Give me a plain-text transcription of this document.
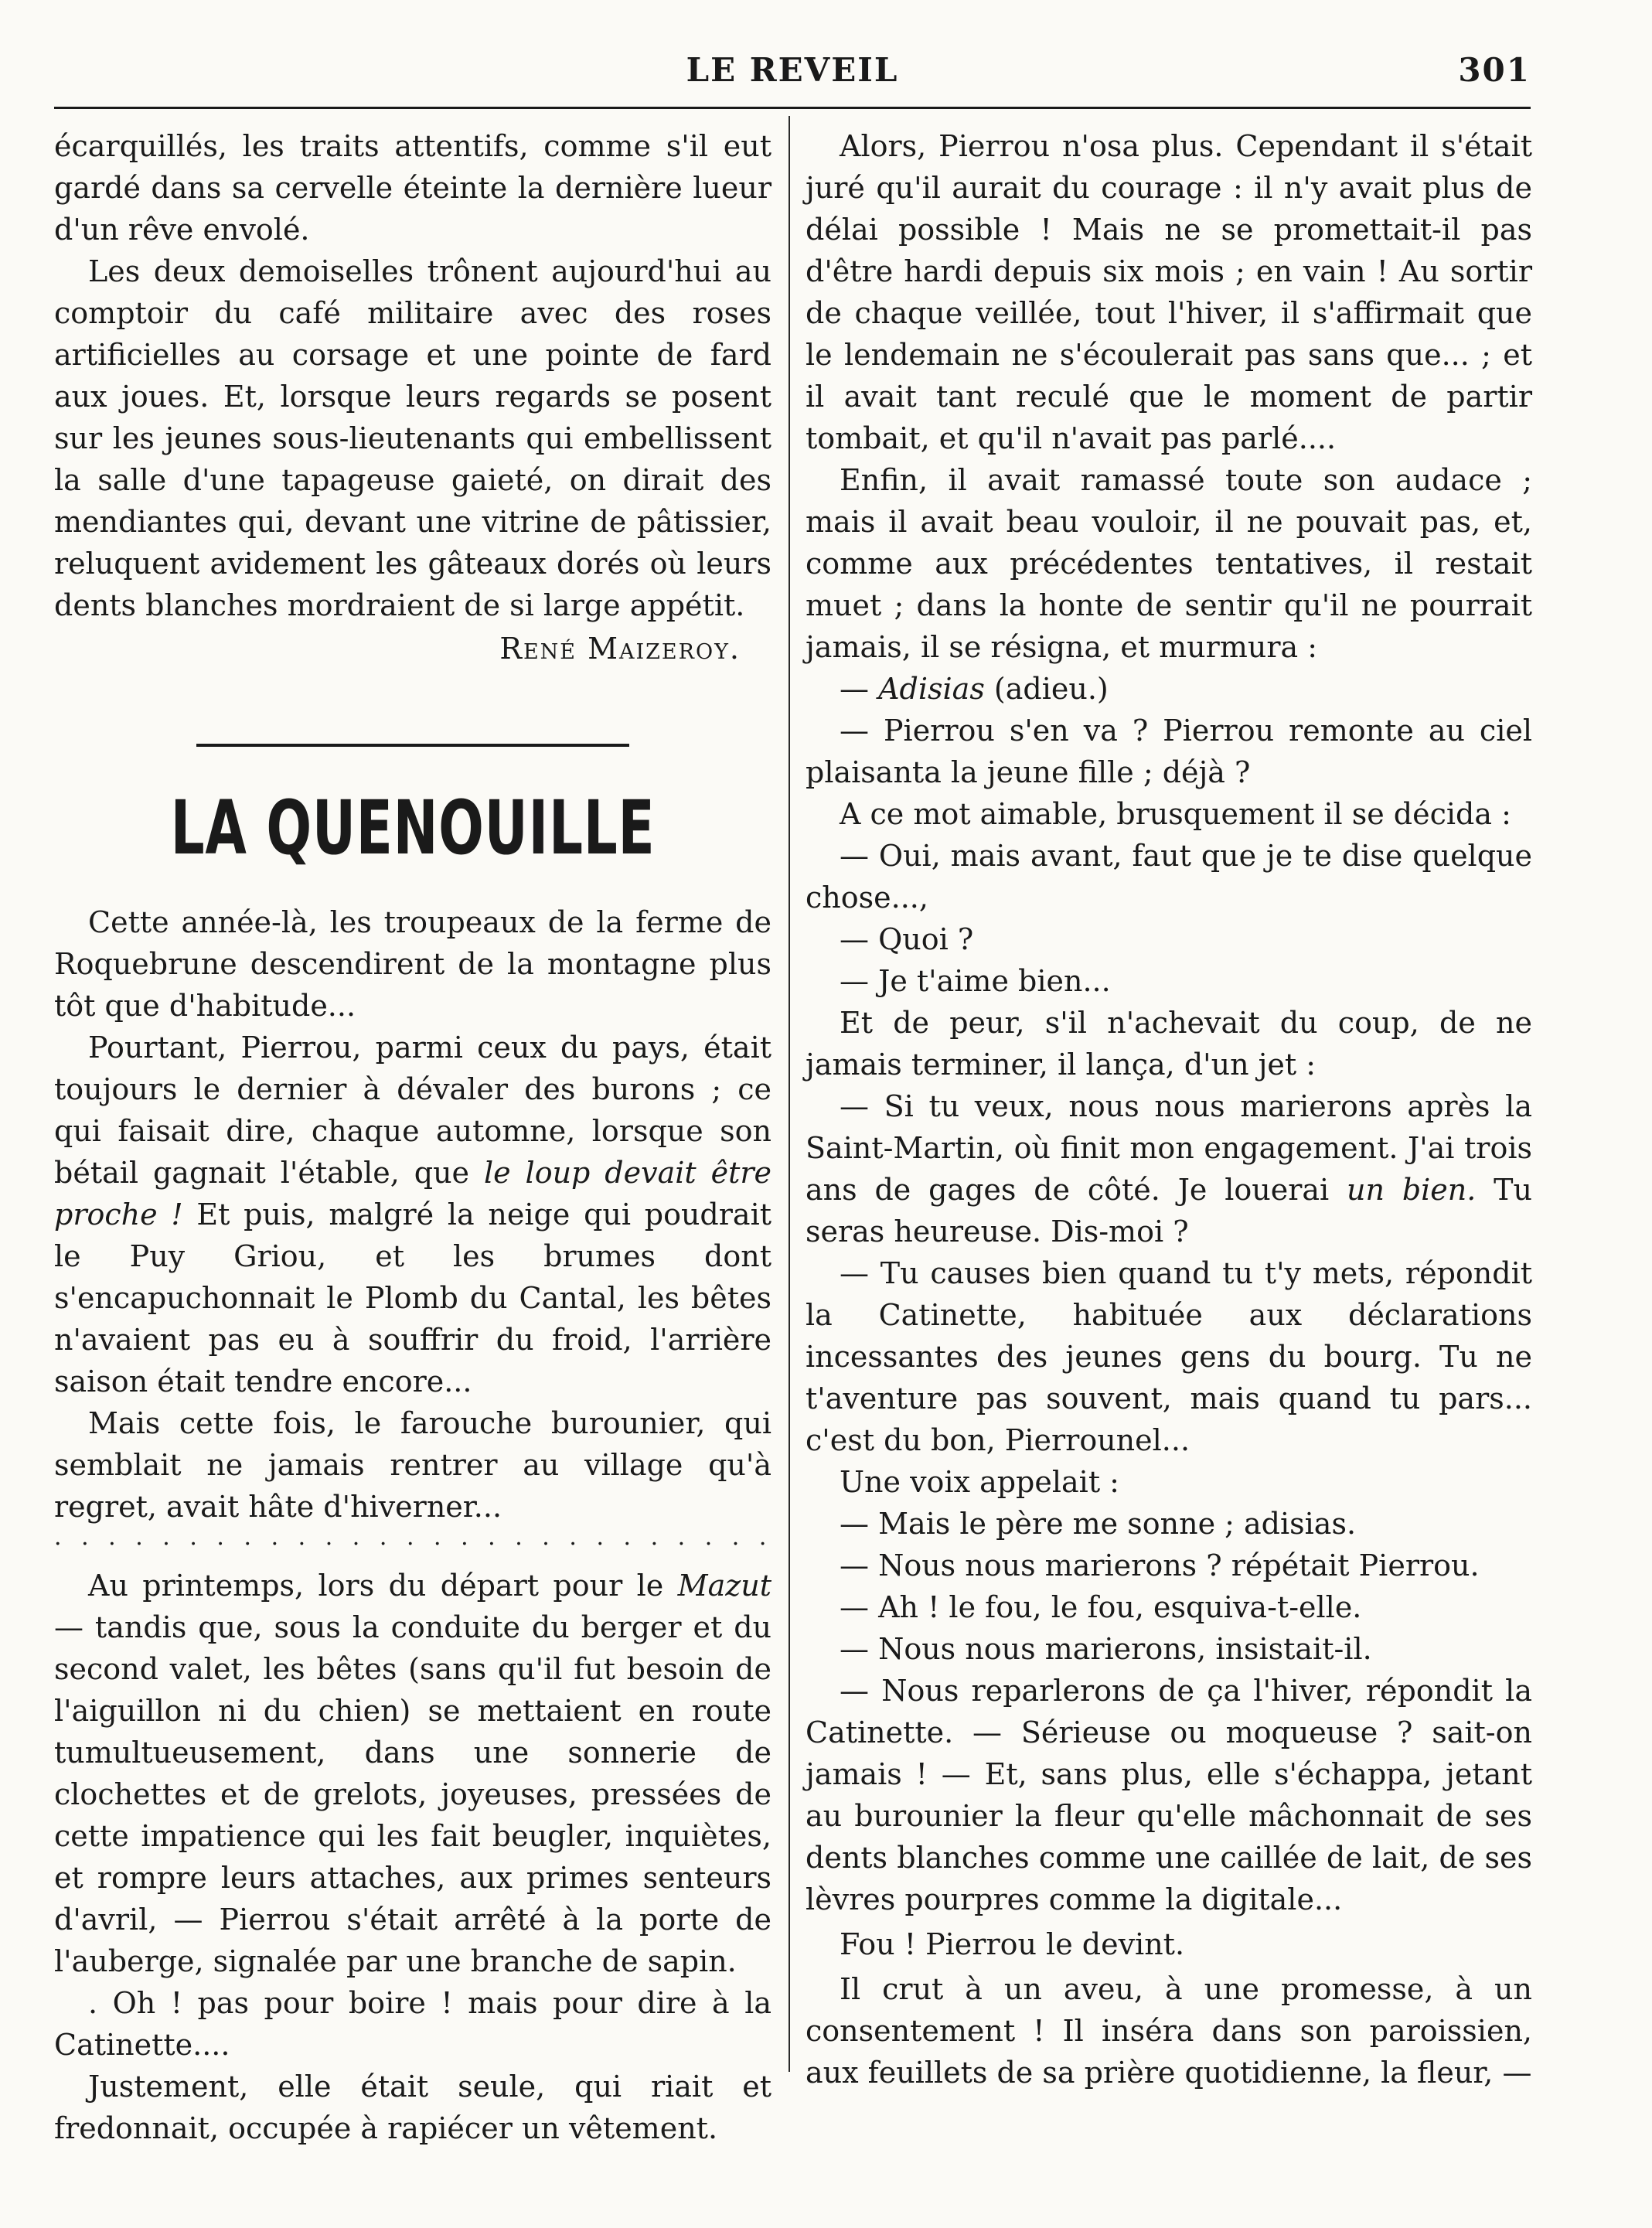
LE REVEIL	301

écarquillés, les traits attentifs, comme s'il eut gardé dans sa cervelle éteinte la dernière lueur d'un rêve envolé.

Les deux demoiselles trônent aujourd'hui au comptoir du café militaire avec des roses artificielles au corsage et une pointe de fard aux joues. Et, lorsque leurs regards se posent sur les jeunes sous-lieutenants qui embellissent la salle d'une tapageuse gaieté, on dirait des mendiantes qui, devant une vitrine de pâtissier, reluquent avidement les gâteaux dorés où leurs dents blanches mordraient de si large appétit.

René Maizeroy.
LA QUENOUILLE

Cette année-là, les troupeaux de la ferme de Roquebrune descendirent de la montagne plus tôt que d'habitude...

Pourtant, Pierrou, parmi ceux du pays, était toujours le dernier à dévaler des burons ; ce qui faisait dire, chaque automne, lorsque son bétail gagnait l'étable, que le loup devait être proche ! Et puis, malgré la neige qui poudrait le Puy Griou, et les brumes dont s'encapuchonnait le Plomb du Cantal, les bêtes n'avaient pas eu à souffrir du froid, l'arrière saison était tendre encore...

Mais cette fois, le farouche burounier, qui semblait ne jamais rentrer au village qu'à regret, avait hâte d'hiverner...

· · ·

Au printemps, lors du départ pour le Mazut — tandis que, sous la conduite du berger et du second valet, les bêtes (sans qu'il fut besoin de l'aiguillon ni du chien) se mettaient en route tumultueusement, dans une sonnerie de clochettes et de grelots, joyeuses, pressées de cette impatience qui les fait beugler, inquiètes, et rompre leurs attaches, aux primes senteurs d'avril, — Pierrou s'était arrêté à la porte de l'auberge, signalée par une branche de sapin.

. Oh ! pas pour boire ! mais pour dire à la Catinette....

Justement, elle était seule, qui riait et fredonnait, occupée à rapiécer un vêtement.

Alors, Pierrou n'osa plus. Cependant il s'était juré qu'il aurait du courage : il n'y avait plus de délai possible ! Mais ne se promettait-il pas d'être hardi depuis six mois ; en vain ! Au sortir de chaque veillée, tout l'hiver, il s'affirmait que le lendemain ne s'écoulerait pas sans que... ; et il avait tant reculé que le moment de partir tombait, et qu'il n'avait pas parlé....

Enfin, il avait ramassé toute son audace ; mais il avait beau vouloir, il ne pouvait pas, et, comme aux précédentes tentatives, il restait muet ; dans la honte de sentir qu'il ne pourrait jamais, il se résigna, et murmura :

— Adisias (adieu.)

— Pierrou s'en va ? Pierrou remonte au ciel plaisanta la jeune fille ; déjà ?

A ce mot aimable, brusquement il se décida :

— Oui, mais avant, faut que je te dise quelque chose...,

— Quoi ?

— Je t'aime bien...

Et de peur, s'il n'achevait du coup, de ne jamais terminer, il lança, d'un jet :

— Si tu veux, nous nous marierons après la Saint-Martin, où finit mon engagement. J'ai trois ans de gages de côté. Je louerai un bien. Tu seras heureuse. Dis-moi ?

— Tu causes bien quand tu t'y mets, répondit la Catinette, habituée aux déclarations incessantes des jeunes gens du bourg. Tu ne t'aventure pas souvent, mais quand tu pars... c'est du bon, Pierrounel...

Une voix appelait :

— Mais le père me sonne ; adisias.

— Nous nous marierons ? répétait Pierrou.

— Ah ! le fou, le fou, esquiva-t-elle.

— Nous nous marierons, insistait-il.

— Nous reparlerons de ça l'hiver, répondit la Catinette. — Sérieuse ou moqueuse ? sait-on jamais ! — Et, sans plus, elle s'échappa, jetant au burounier la fleur qu'elle mâchonnait de ses dents blanches comme une caillée de lait, de ses lèvres pourpres comme la digitale...

Fou ! Pierrou le devint.

Il crut à un aveu, à une promesse, à un consentement ! Il inséra dans son paroissien, aux feuillets de sa prière quotidienne, la fleur, —
